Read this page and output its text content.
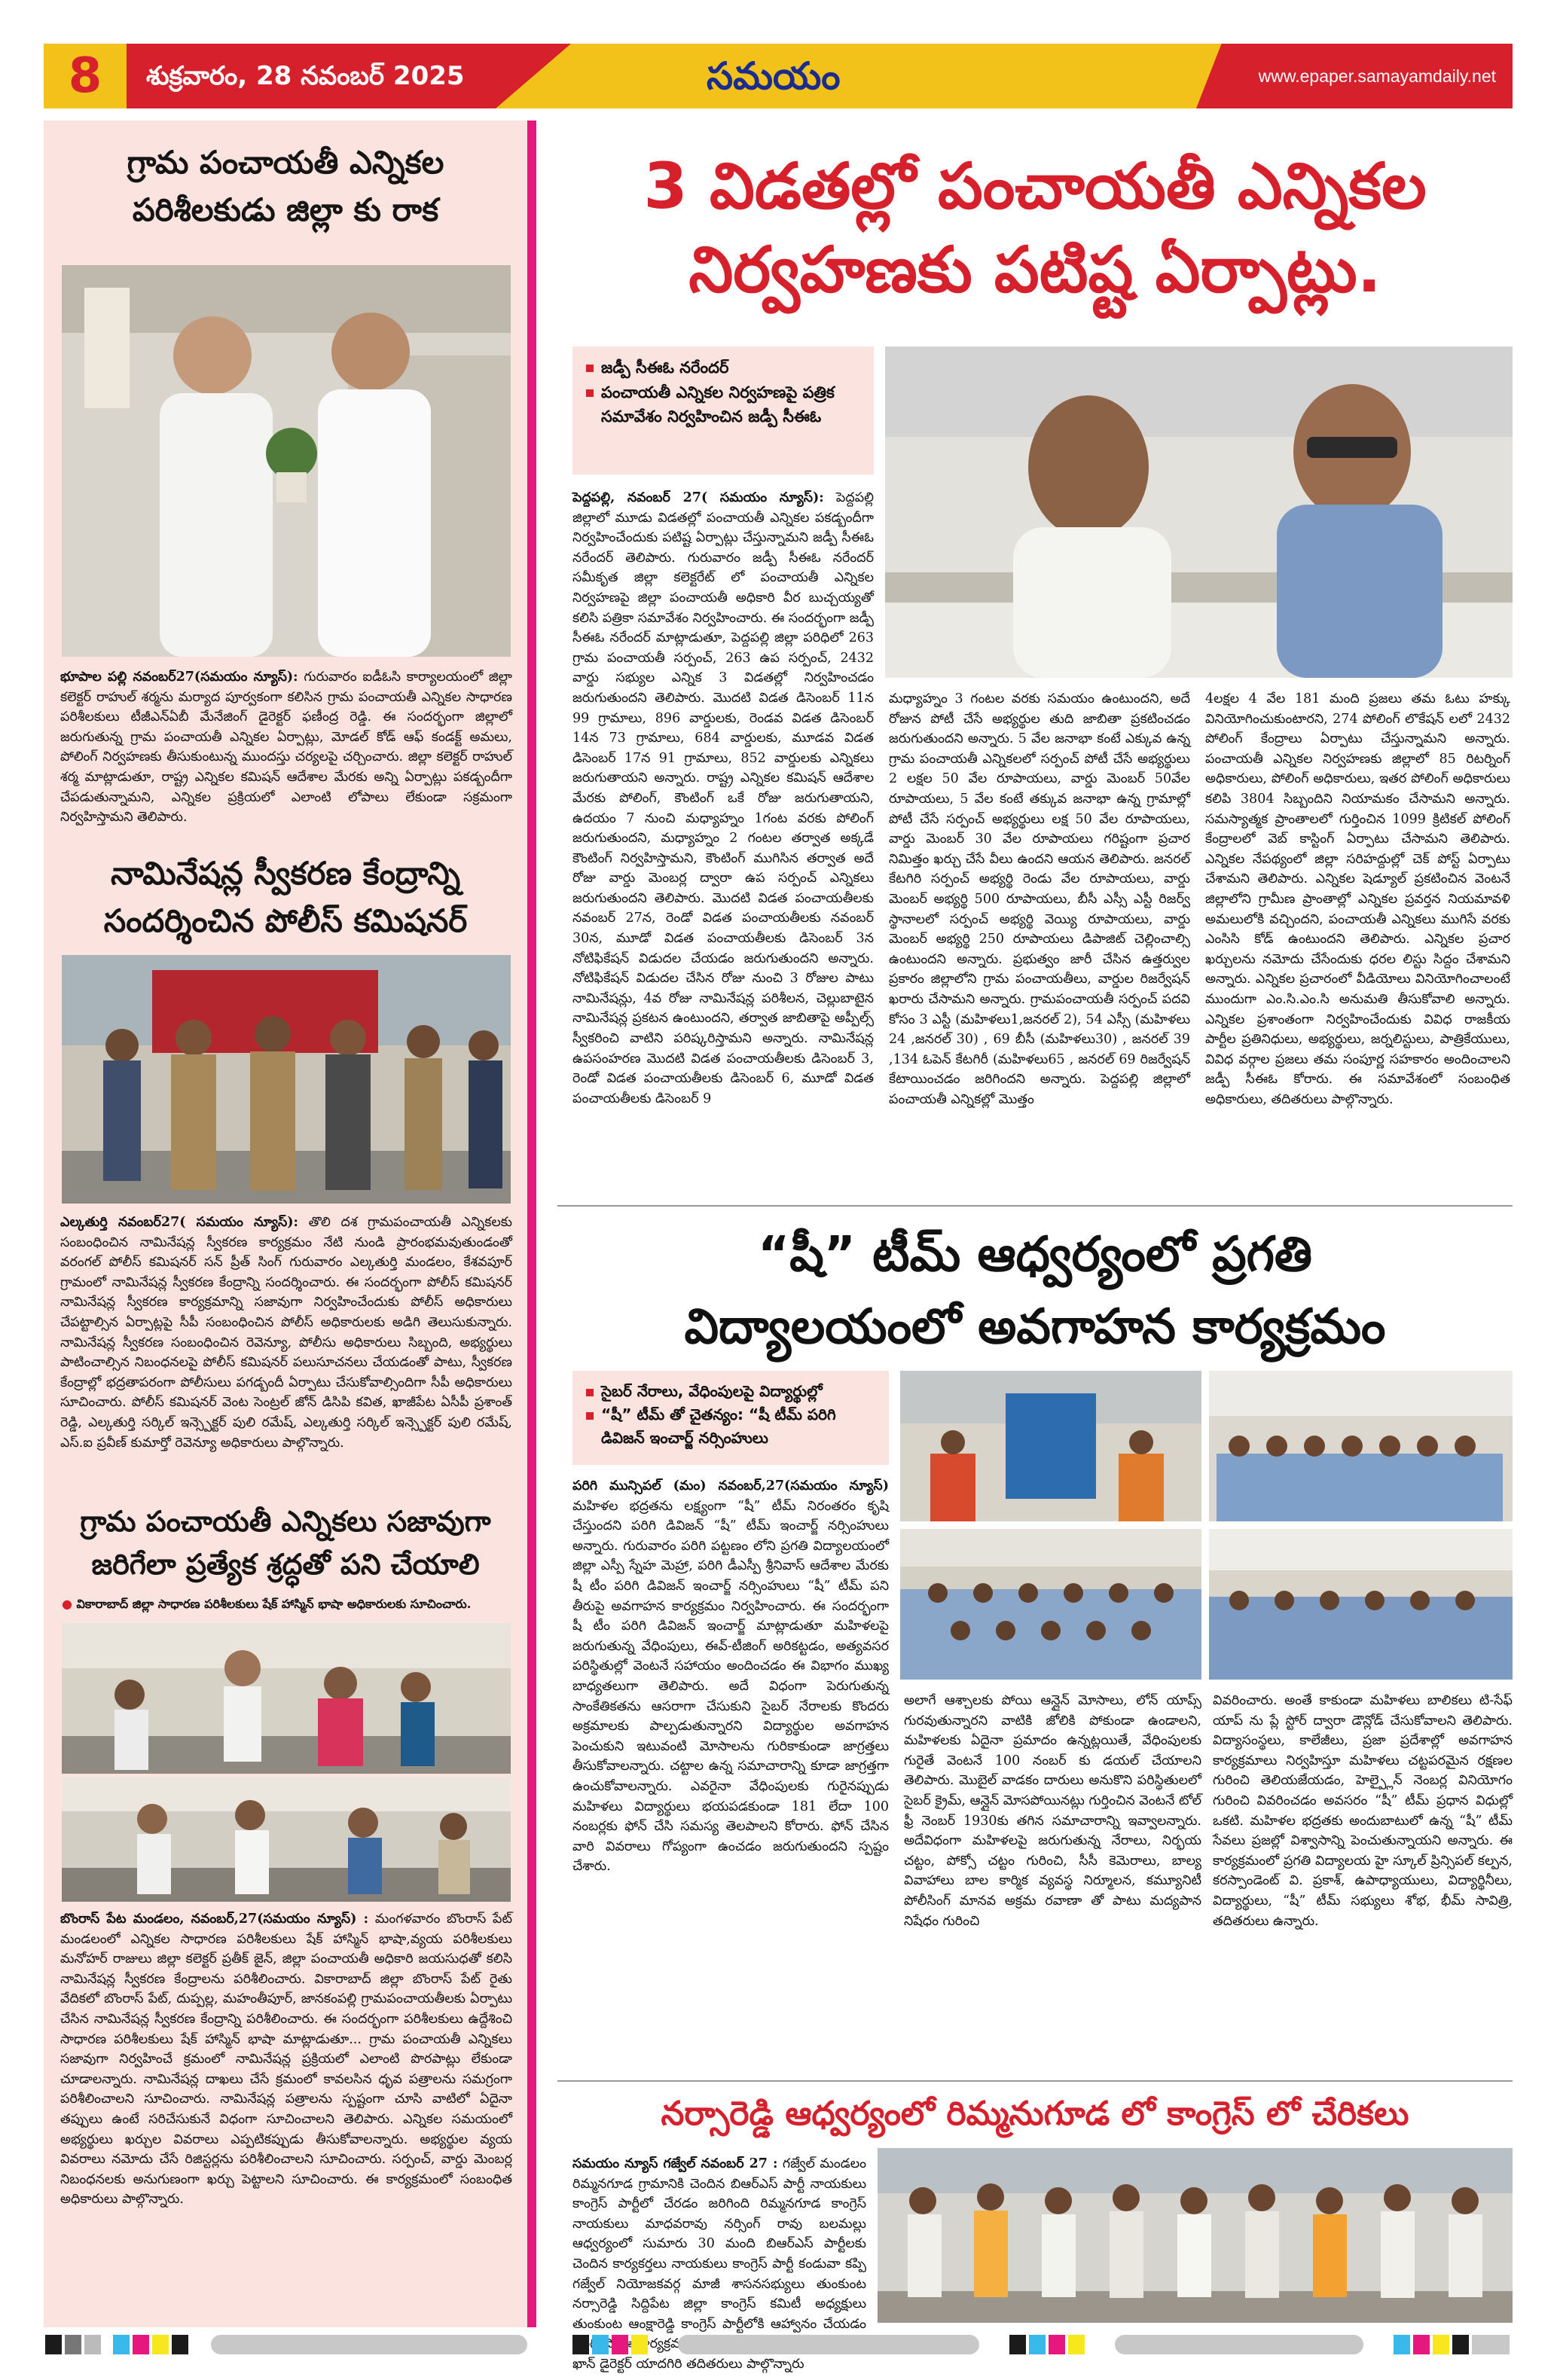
8	శుక్రవారం, 28 నవంబర్ 2025	సమయం	www.epaper.samayamdaily.net
గ్రామ పంచాయతీ ఎన్నికల
పరిశీలకుడు జిల్లా కు రాక
భూపాల పల్లి నవంబర్27(సమయం న్యూస్): గురువారం ఐడీఓసి కార్యాలయంలో జిల్లా కలెక్టర్ రాహుల్ శర్మను మర్యాద పూర్వకంగా కలిసిన గ్రామ పంచాయతీ ఎన్నికల సాధారణ పరిశీలకులు టీజీఎన్ఏబీ మేనేజింగ్ డైరెక్టర్ ఫణీంద్ర రెడ్డి. ఈ సందర్భంగా జిల్లాలో జరుగుతున్న గ్రామ పంచాయతీ ఎన్నికల ఏర్పాట్లు, మోడల్ కోడ్ ఆఫ్ కండక్ట్ అమలు, పోలింగ్ నిర్వహణకు తీసుకుంటున్న ముందస్తు చర్యలపై చర్చించారు. జిల్లా కలెక్టర్ రాహుల్ శర్మ మాట్లాడుతూ, రాష్ట్ర ఎన్నికల కమిషన్ ఆదేశాల మేరకు అన్ని ఏర్పాట్లు పకడ్బందీగా చేపడుతున్నామని, ఎన్నికల ప్రక్రియలో ఎలాంటి లోపాలు లేకుండా సక్రమంగా నిర్వహిస్తామని తెలిపారు.
నామినేషన్ల స్వీకరణ కేంద్రాన్ని
సందర్శించిన పోలీస్ కమిషనర్
ఎల్కతుర్తి నవంబర్27( సమయం న్యూస్): తొలి దశ గ్రామపంచాయతీ ఎన్నికలకు సంబంధించిన నామినేషన్ల స్వీకరణ కార్యక్రమం నేటి నుండి ప్రారంభమవుతుండంతో వరంగల్ పోలీస్ కమిషనర్ సన్ ప్రీత్ సింగ్ గురువారం ఎల్కతుర్తి మండలం, కేశవపూర్ గ్రామంలో నామినేషన్ల స్వీకరణ కేంద్రాన్ని సందర్శించారు. ఈ సందర్భంగా పోలీస్ కమిషనర్ నామినేషన్ల స్వీకరణ కార్యక్రమాన్ని సజావుగా నిర్వహించేందుకు పోలీస్ అధికారులు చేపట్టాల్సిన ఏర్పాట్లపై సీపీ సంబంధించిన పోలీస్ అధికారులకు అడిగి తెలుసుకున్నారు. నామినేషన్ల స్వీకరణ సంబంధించిన రెవెన్యూ, పోలీసు అధికారులు సిబ్బంది, అభ్యర్థులు పాటించాల్సిన నిబంధనలపై పోలీస్ కమిషనర్ పలుసూచనలు చేయడంతో పాటు, స్వీకరణ కేంద్రాల్లో భద్రతాపరంగా పోలీసులు పగడ్బందీ ఏర్పాటు చేసుకోవాల్సిందిగా సీపీ అధికారులు సూచించారు. పోలీస్ కమిషనర్ వెంట సెంట్రల్ జోన్ డిసిపి కవిత, ఖాజీపేట ఏసీపీ ప్రశాంత్ రెడ్డి, ఎల్కతుర్తి సర్కిల్ ఇన్స్పెక్టర్ పులి రమేష్, ఎల్కతుర్తి సర్కిల్ ఇన్స్పెక్టర్ పులి రమేష్, ఎస్.ఐ ప్రవీణ్ కుమార్తో రెవెన్యూ అధికారులు పాల్గొన్నారు.
గ్రామ పంచాయతీ ఎన్నికలు సజావుగా
జరిగేలా ప్రత్యేక శ్రద్ధతో పని చేయాలి
● వికారాబాద్ జిల్లా సాధారణ పరిశీలకులు షేక్ హాస్మిన్ భాషా అధికారులకు సూచించారు.
బొంరాస్ పేట మండలం, నవంబర్,27(సమయం న్యూస్) : మంగళవారం బొంరాస్ పేట్ మండలంలో ఎన్నికల సాధారణ పరిశీలకులు షేక్ హాస్మిన్ భాషా,వ్యయ పరిశీలకులు మనోహర్ రాజులు జిల్లా కలెక్టర్ ప్రతీక్ జైన్, జిల్లా పంచాయతీ అధికారి జయసుధతో కలిసి నామినేషన్ల స్వీకరణ కేంద్రాలను పరిశీలించారు. వికారాబాద్ జిల్లా బొంరాస్ పేట్ రైతు వేదికలో బొంరాస్ పేట్, దుప్పల్ల, మహంతీపూర్, జానకంపల్లి గ్రామపంచాయతీలకు ఏర్పాటు చేసిన నామినేషన్ల స్వీకరణ కేంద్రాన్ని పరిశీలించారు. ఈ సందర్భంగా పరిశీలకులు ఉద్దేశించి సాధారణ పరిశీలకులు షేక్ హాస్మిన్ భాషా మాట్లాడుతూ... గ్రామ పంచాయతీ ఎన్నికలు సజావుగా నిర్వహించే క్రమంలో నామినేషన్ల ప్రక్రియలో ఎలాంటి పొరపాట్లు లేకుండా చూడాలన్నారు. నామినేషన్ల దాఖలు చేసే క్రమంలో కావలసిన ధృవ పత్రాలను సమగ్రంగా పరిశీలించాలని సూచించారు. నామినేషన్ల పత్రాలను స్పష్టంగా చూసి వాటిలో ఏదైనా తప్పులు ఉంటే సరిచేసుకునే విధంగా సూచించాలని తెలిపారు. ఎన్నికల సమయంలో అభ్యర్థులు ఖర్చుల వివరాలు ఎప్పటికప్పుడు తీసుకోవాలన్నారు. అభ్యర్థుల వ్యయ వివరాలు నమోదు చేసే రిజిస్టర్లను పరిశీలించాలని సూచించారు. సర్పంచ్, వార్డు మెంబర్ల నిబంధనలకు అనుగుణంగా ఖర్చు పెట్టాలని సూచించారు. ఈ కార్యక్రమంలో సంబంధిత అధికారులు పాల్గొన్నారు.
3 విడతల్లో పంచాయతీ ఎన్నికల
నిర్వహణకు పటిష్ట ఏర్పాట్లు.

జడ్పీ సీఈఓ నరేందర్

పంచాయతీ ఎన్నికల నిర్వహణపై పత్రిక సమావేశం నిర్వహించిన జడ్పీ సీఈఓ

పెద్దపల్లి, నవంబర్ 27( సమయం న్యూస్): పెద్దపల్లి జిల్లాలో మూడు విడతల్లో పంచాయతీ ఎన్నికల పకడ్బందీగా నిర్వహించేందుకు పటిష్ట ఏర్పాట్లు చేస్తున్నామని జడ్పీ సీఈఓ నరేందర్ తెలిపారు. గురువారం జడ్పీ సీఈఓ నరేందర్ సమీకృత జిల్లా కలెక్టరేట్ లో పంచాయతీ ఎన్నికల నిర్వహణపై జిల్లా పంచాయతీ అధికారి వీర బుచ్చయ్యతో కలిసి పత్రికా సమావేశం నిర్వహించారు. ఈ సందర్భంగా జడ్పీ సీఈఓ నరేందర్ మాట్లాడుతూ, పెద్దపల్లి జిల్లా పరిధిలో 263 గ్రామ పంచాయతీ సర్పంచ్, 263 ఉప సర్పంచ్, 2432 వార్డు సభ్యుల ఎన్నిక 3 విడతల్లో నిర్వహించడం జరుగుతుందని తెలిపారు. మొదటి విడత డిసెంబర్ 11న 99 గ్రామాలు, 896 వార్డులకు, రెండవ విడత డిసెంబర్ 14న 73 గ్రామాలు, 684 వార్డులకు, మూడవ విడత డిసెంబర్ 17న 91 గ్రామాలు, 852 వార్డులకు ఎన్నికలు జరుగుతాయని అన్నారు. రాష్ట్ర ఎన్నికల కమిషన్ ఆదేశాల మేరకు పోలింగ్, కౌంటింగ్ ఒకే రోజు జరుగుతాయని, ఉదయం 7 నుంచి మధ్యాహ్నం 1గంట వరకు పోలింగ్ జరుగుతుందని, మధ్యాహ్నం 2 గంటల తర్వాత అక్కడే కౌంటింగ్ నిర్వహిస్తామని, కౌంటింగ్ ముగిసిన తర్వాత అదే రోజు వార్డు మెంబర్ల ద్వారా ఉప సర్పంచ్ ఎన్నికలు జరుగుతుందని తెలిపారు. మొదటి విడత పంచాయతీలకు నవంబర్ 27న, రెండో విడత పంచాయతీలకు నవంబర్ 30న, మూడో విడత పంచాయతీలకు డిసెంబర్ 3న నోటిఫికేషన్ విడుదల చేయడం జరుగుతుందని అన్నారు. నోటిఫికేషన్ విడుదల చేసిన రోజు నుంచి 3 రోజుల పాటు నామినేషన్లు, 4వ రోజు నామినేషన్ల పరిశీలన, చెల్లుబాటైన నామినేషన్ల ప్రకటన ఉంటుందని, తర్వాత జాబితాపై అప్పీల్స్ స్వీకరించి వాటిని పరిష్కరిస్తామని అన్నారు. నామినేషన్ల ఉపసంహరణ మొదటి విడత పంచాయతీలకు డిసెంబర్ 3, రెండో విడత పంచాయతీలకు డిసెంబర్ 6, మూడో విడత పంచాయతీలకు డిసెంబర్ 9
మధ్యాహ్నం 3 గంటల వరకు సమయం ఉంటుందని, అదే రోజున పోటీ చేసే అభ్యర్థుల తుది జాబితా ప్రకటించడం జరుగుతుందని అన్నారు. 5 వేల జనాభా కంటే ఎక్కువ ఉన్న గ్రామ పంచాయతీ ఎన్నికలలో సర్పంచ్ పోటీ చేసే అభ్యర్థులు 2 లక్షల 50 వేల రూపాయలు, వార్డు మెంబర్ 50వేల రూపాయలు, 5 వేల కంటే తక్కువ జనాభా ఉన్న గ్రామాల్లో పోటీ చేసే సర్పంచ్ అభ్యర్థులు లక్ష 50 వేల రూపాయలు, వార్డు మెంబర్ 30 వేల రూపాయలు గరిష్టంగా ప్రచార నిమిత్తం ఖర్చు చేసే వీలు ఉందని ఆయన తెలిపారు. జనరల్ కేటగిరి సర్పంచ్ అభ్యర్థి రెండు వేల రూపాయలు, వార్డు మెంబర్ అభ్యర్థి 500 రూపాయలు, బీసీ ఎస్సీ ఎస్టీ రిజర్వ్ స్థానాలలో సర్పంచ్ అభ్యర్థి వెయ్యి రూపాయలు, వార్డు మెంబర్ అభ్యర్థి 250 రూపాయలు డిపాజిట్ చెల్లించాల్సి ఉంటుందని అన్నారు. ప్రభుత్వం జారీ చేసిన ఉత్తర్వుల ప్రకారం జిల్లాలోని గ్రామ పంచాయతీలు, వార్డుల రిజర్వేషన్ ఖరారు చేసామని అన్నారు. గ్రామపంచాయతీ సర్పంచ్ పదవి కోసం 3 ఎస్టీ (మహిళలు1,జనరల్ 2), 54 ఎస్సీ (మహిళలు 24 ,జనరల్ 30) , 69 బీసీ (మహిళలు30) , జనరల్ 39 ,134 ఓపెన్ కేటగిరీ (మహిళలు65 , జనరల్ 69 రిజర్వేషన్ కేటాయించడం జరిగిందని అన్నారు. పెద్దపల్లి జిల్లాలో పంచాయతీ ఎన్నికల్లో మొత్తం
4లక్షల 4 వేల 181 మంది ప్రజలు తమ ఓటు హక్కు వినియోగించుకుంటారని, 274 పోలింగ్ లొకేషన్ లలో 2432 పోలింగ్ కేంద్రాలు ఏర్పాటు చేస్తున్నామని అన్నారు. పంచాయతీ ఎన్నికల నిర్వహణకు జిల్లాలో 85 రిటర్నింగ్ అధికారులు, పోలింగ్ అధికారులు, ఇతర పోలింగ్ అధికారులు కలిపి 3804 సిబ్బందిని నియామకం చేసామని అన్నారు. సమస్యాత్మక ప్రాంతాలలో గుర్తించిన 1099 క్రిటికల్ పోలింగ్ కేంద్రాలలో వెబ్ కాస్టింగ్ ఏర్పాటు చేసామని తెలిపారు. ఎన్నికల నేపథ్యంలో జిల్లా సరిహద్దుల్లో చెక్ పోస్ట్ ఏర్పాటు చేశామని తెలిపారు. ఎన్నికల షెడ్యూల్ ప్రకటించిన వెంటనే జిల్లాలోని గ్రామీణ ప్రాంతాల్లో ఎన్నికల ప్రవర్తన నియమావళి అమలులోకి వచ్చిందని, పంచాయతీ ఎన్నికలు ముగిసే వరకు ఎంసిసి కోడ్ ఉంటుందని తెలిపారు. ఎన్నికల ప్రచార ఖర్చులను నమోదు చేసేందుకు ధరల లిస్టు సిద్దం చేశామని అన్నారు. ఎన్నికల ప్రచారంలో వీడియోలు వినియోగించాలంటే ముందుగా ఎం.సి.ఎం.సి అనుమతి తీసుకోవాలి అన్నారు. ఎన్నికల ప్రశాంతంగా నిర్వహించేందుకు వివిధ రాజకీయ పార్టీల ప్రతినిధులు, అభ్యర్థులు, జర్నలిస్టులు, పాత్రికేయులు, వివిధ వర్గాల ప్రజలు తమ సంపూర్ణ సహకారం అందించాలని జడ్పీ సీఈఓ కోరారు. ఈ సమావేశంలో సంబంధిత అధికారులు, తదితరులు పాల్గొన్నారు.
“షీ” టీమ్ ఆధ్వర్యంలో ప్రగతి
విద్యాలయంలో అవగాహన కార్యక్రమం

సైబర్ నేరాలు, వేధింపులపై విద్యార్థుల్లో

“షీ” టీమ్ తో చైతన్యం: “షీ టీమ్ పరిగి డివిజన్ ఇంచార్జ్ నర్సింహులు

పరిగి మున్సిపల్ (మం) నవంబర్,27(సమయం న్యూస్) మహిళల భద్రతను లక్ష్యంగా “షీ” టీమ్ నిరంతరం కృషి చేస్తుందని పరిగి డివిజన్ “షీ” టీమ్ ఇంచార్జ్ నర్సింహులు అన్నారు. గురువారం పరిగి పట్టణం లోని ప్రగతి విద్యాలయంలో జిల్లా ఎస్పీ స్నేహ మెహ్రా, పరిగి డీఎస్పీ శ్రీనివాస్ ఆదేశాల మేరకు షీ టీం పరిగి డివిజన్ ఇంచార్జ్ నర్సింహులు “షీ” టీమ్ పని తీరుపై అవగాహన కార్యక్రమం నిర్వహించారు. ఈ సందర్భంగా షీ టీం పరిగి డివిజన్ ఇంచార్జ్ మాట్లాడుతూ మహిళలపై జరుగుతున్న వేధింపులు, ఈవ్-టీజింగ్ అరికట్టడం, అత్యవసర పరిస్థితుల్లో వెంటనే సహాయం అందించడం ఈ విభాగం ముఖ్య బాధ్యతలుగా తెలిపారు. అదే విధంగా పెరుగుతున్న సాంకేతికతను ఆసరాగా చేసుకుని సైబర్ నేరాలకు కొందరు అక్రమాలకు పాల్పడుతున్నారని విద్యార్థుల అవగాహన పెంచుకుని ఇటువంటి మోసాలను గురికాకుండా జాగ్రత్తలు తీసుకోవాలన్నారు. చట్టాల ఉన్న సమాచారాన్ని కూడా జాగ్రత్తగా ఉంచుకోవాలన్నారు. ఎవరైనా వేధింపులకు గురైనప్పుడు మహిళలు విద్యార్థులు భయపడకుండా 181 లేదా 100 నంబర్లకు ఫోన్ చేసి సమస్య తెలపాలని కోరారు. ఫోన్ చేసిన వారి వివరాలు గోప్యంగా ఉంచడం జరుగుతుందని స్పష్టం చేశారు.
అలాగే ఆశ్చాలకు పోయి ఆన్లైన్ మోసాలు, లోన్ యాప్స్ గురవుతున్నారని వాటికి జోలికి పోకుండా ఉండాలని, మహిళలకు ఏదైనా ప్రమాదం ఉన్నట్లయితే, వేధింపులకు గురైతే వెంటనే 100 నంబర్ కు డయల్ చేయాలని తెలిపారు. మొబైల్ వాడకం దారులు అనుకొని పరిస్థితులలో సైబర్ క్రైమ్, ఆన్లైన్ మోసపోయినట్లు గుర్తించిన వెంటనే టోల్ ఫ్రీ నెంబర్ 1930కు తగిన సమాచారాన్ని ఇవ్వాలన్నారు. అదేవిధంగా మహిళలపై జరుగుతున్న నేరాలు, నిర్భయ చట్టం, పోక్సో చట్టం గురించి, సీసీ కెమెరాలు, బాల్య వివాహాలు బాల కార్మిక వ్యవస్థ నిర్మూలన, కమ్యూనిటీ పోలీసింగ్ మానవ అక్రమ రవాణా తో పాటు మద్యపాన నిషేధం గురించి
వివరించారు. అంతే కాకుండా మహిళలు బాలికలు టి-సేఫ్ యాప్ ను ప్లే స్టోర్ ద్వారా డౌన్లోడ్ చేసుకోవాలని తెలిపారు. విద్యాసంస్థలు, కాలేజీలు, ప్రజా ప్రదేశాల్లో అవగాహన కార్యక్రమాలు నిర్వహిస్తూ మహిళలు చట్టపరమైన రక్షణల గురించి తెలియజేయడం, హెల్ప్లైన్ నెంబర్ల వినియోగం గురించి వివరించడం అవసరం “షీ” టీమ్ ప్రధాన విధుల్లో ఒకటి. మహిళల భద్రతకు అందుబాటులో ఉన్న “షీ” టీమ్ సేవలు ప్రజల్లో విశ్వాసాన్ని పెంచుతున్నాయని అన్నారు. ఈ కార్యక్రమంలో ప్రగతి విద్యాలయ హై స్కూల్ ప్రిన్సిపల్ కల్పన, కరస్పాండెంట్ వి. ప్రకాశ్, ఉపాధ్యాయులు, విద్యార్థినీలు, విద్యార్థులు, “షీ” టీమ్ సభ్యులు శోభ, భీమ్ సావిత్రి, తదితరులు ఉన్నారు.
నర్సారెడ్డి ఆధ్వర్యంలో రిమ్మనుగూడ లో కాంగ్రెస్ లో చేరికలు
సమయం న్యూస్ గజ్వేల్ నవంబర్ 27 : గజ్వేల్ మండలం రిమ్మనగూడ గ్రామానికి చెందిన బిఆర్ఎస్ పార్టీ నాయకులు కాంగ్రెస్ పార్టీలో చేరడం జరిగింది రిమ్మనగూడ కాంగ్రెస్ నాయకులు మాధవరావు నర్సింగ్ రావు బలమల్లు ఆధ్వర్యంలో సుమారు 30 మంది బిఆర్ఎస్ పార్టీలకు చెందిన కార్యకర్తలు నాయకులు కాంగ్రెస్ పార్టీ కండువా కప్పి గజ్వేల్ నియోజకవర్గ మాజీ శాసనసభ్యులు తుంకుంట నర్సారెడ్డి సిద్దిపేట జిల్లా కాంగ్రెస్ కమిటీ అధ్యక్షులు తుంకుంట ఆంక్షారెడ్డి కాంగ్రెస్ పార్టీలోకి ఆహ్వానం చేయడం కార్యక్రమంలో ఖాన్ డైరెక్టర్ యాదగిరి తదితరులు పాల్గొన్నారు
